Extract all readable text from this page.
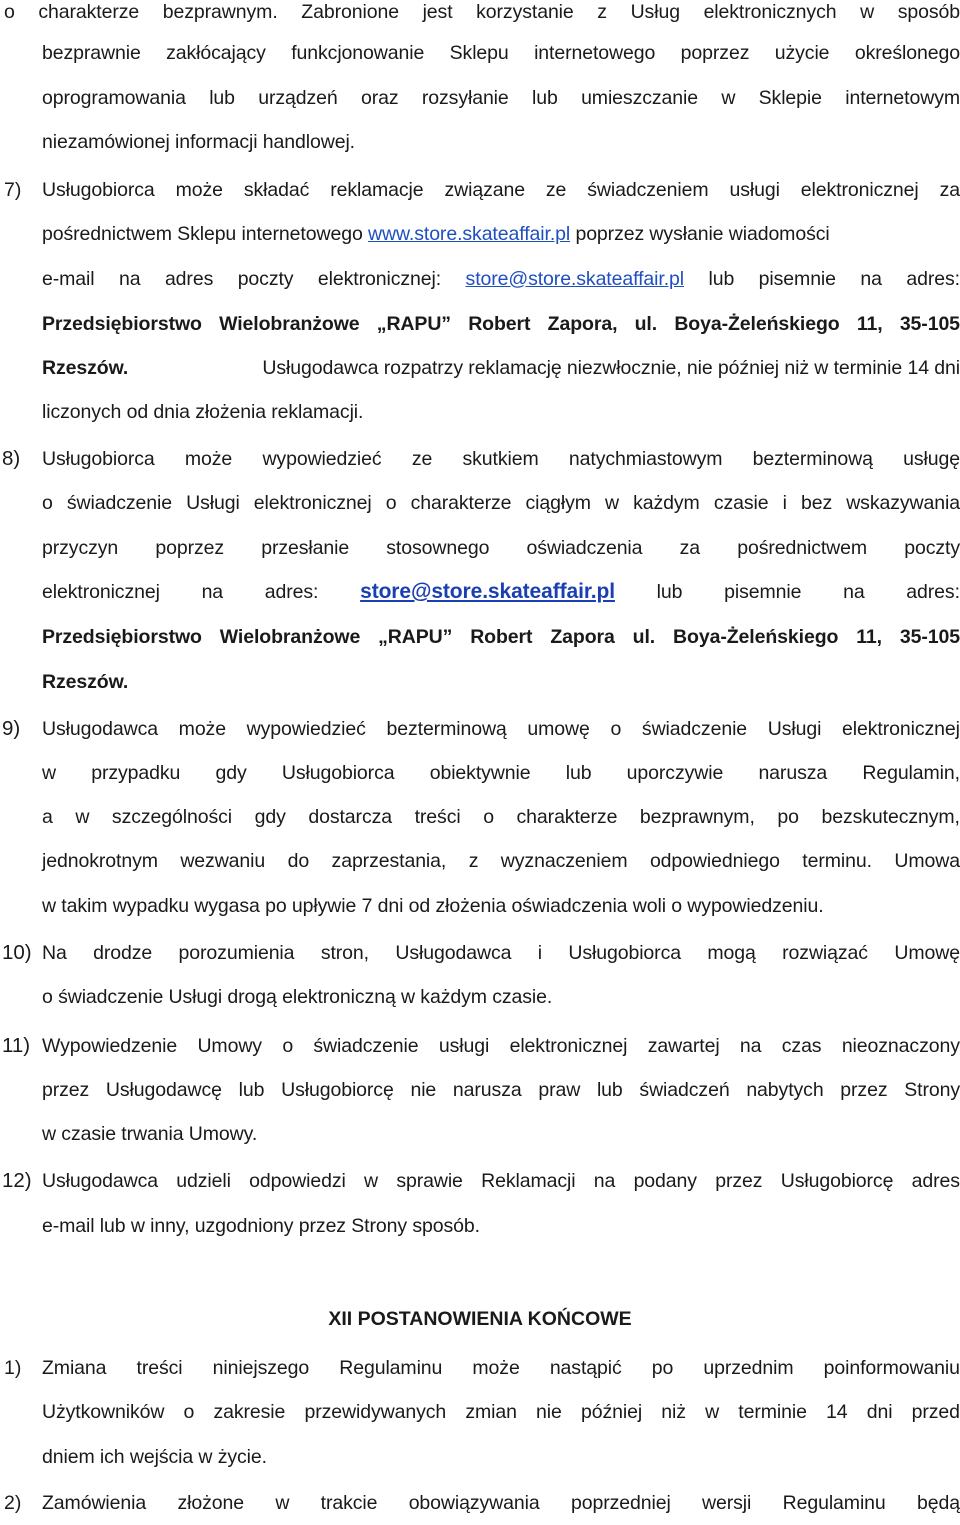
o charakterze bezprawnym. Zabronione jest korzystanie z Usług elektronicznych w sposób
bezprawnie zakłócający funkcjonowanie Sklepu internetowego poprzez użycie określonego
oprogramowania lub urządzeń oraz rozsyłanie lub umieszczanie w Sklepie internetowym
niezamówionej informacji handlowej.
7) Usługobiorca może składać reklamacje związane ze świadczeniem usługi elektronicznej za
pośrednictwem Sklepu internetowego www.store.skateaffair.pl poprzez wysłanie wiadomości
e-mail na adres poczty elektronicznej: store@store.skateaffair.pl lub pisemnie na adres:
Przedsiębiorstwo Wielobranżowe „RAPU” Robert Zapora, ul. Boya-Żeleńskiego 11, 35-105
Rzeszów.	Usługodawca rozpatrzy reklamację niezwłocznie, nie później niż w terminie 14 dni
liczonych od dnia złożenia reklamacji.
8) Usługobiorca może wypowiedzieć ze skutkiem natychmiastowym bezterminową usługę
o świadczenie Usługi elektronicznej o charakterze ciągłym w każdym czasie i bez wskazywania
przyczyn poprzez przesłanie stosownego oświadczenia za pośrednictwem poczty
elektronicznej na adres: store@store.skateaffair.pl lub pisemnie na adres:
Przedsiębiorstwo Wielobranżowe „RAPU” Robert Zapora ul. Boya-Żeleńskiego 11, 35-105
Rzeszów.
9) Usługodawca może wypowiedzieć bezterminową umowę o świadczenie Usługi elektronicznej
w przypadku gdy Usługobiorca obiektywnie lub uporczywie narusza Regulamin,
a w szczególności gdy dostarcza treści o charakterze bezprawnym, po bezskutecznym,
jednokrotnym wezwaniu do zaprzestania, z wyznaczeniem odpowiedniego terminu. Umowa
w takim wypadku wygasa po upływie 7 dni od złożenia oświadczenia woli o wypowiedzeniu.
10) Na drodze porozumienia stron, Usługodawca i Usługobiorca mogą rozwiązać Umowę
o świadczenie Usługi drogą elektroniczną w każdym czasie.
11) Wypowiedzenie Umowy o świadczenie usługi elektronicznej zawartej na czas nieoznaczony
przez Usługodawcę lub Usługobiorcę nie narusza praw lub świadczeń nabytych przez Strony
w czasie trwania Umowy.
12) Usługodawca udzieli odpowiedzi w sprawie Reklamacji na podany przez Usługobiorcę adres
e-mail lub w inny, uzgodniony przez Strony sposób.
XII POSTANOWIENIA KOŃCOWE
1) Zmiana treści niniejszego Regulaminu może nastąpić po uprzednim poinformowaniu
Użytkowników o zakresie przewidywanych zmian nie później niż w terminie 14 dni przed
dniem ich wejścia w życie.
2) Zamówienia złożone w trakcie obowiązywania poprzedniej wersji Regulaminu będą
